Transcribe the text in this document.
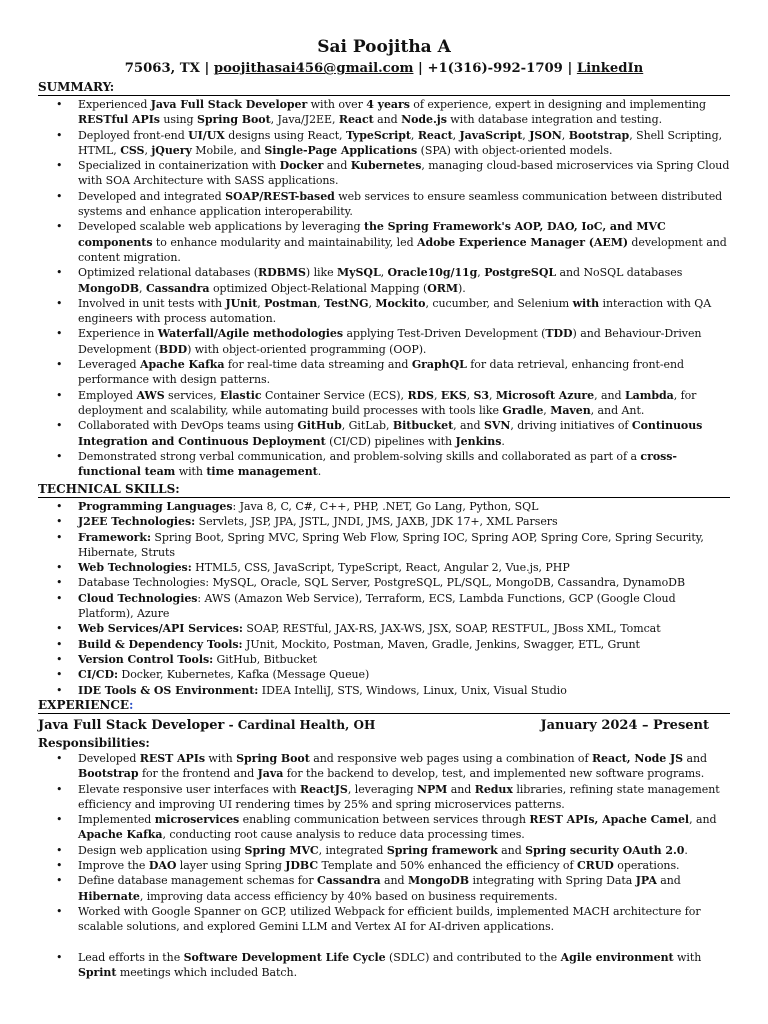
Sai Poojitha A
75063, TX | poojithasai456@gmail.com | +1(316)-992-1709 | LinkedIn
SUMMARY:
• Experienced Java Full Stack Developer with over 4 years of experience, expert in designing and implementing RESTful APIs using Spring Boot, Java/J2EE, React and Node.js with database integration and testing.
• Deployed front-end UI/UX designs using React, TypeScript, React, JavaScript, JSON, Bootstrap, Shell Scripting, HTML, CSS, jQuery Mobile, and Single-Page Applications (SPA) with object-oriented models.
• Specialized in containerization with Docker and Kubernetes, managing cloud-based microservices via Spring Cloud with SOA Architecture with SASS applications.
• Developed and integrated SOAP/REST-based web services to ensure seamless communication between distributed systems and enhance application interoperability.
• Developed scalable web applications by leveraging the Spring Framework's AOP, DAO, IoC, and MVC components to enhance modularity and maintainability, led Adobe Experience Manager (AEM) development and content migration.
• Optimized relational databases (RDBMS) like MySQL, Oracle10g/11g, PostgreSQL and NoSQL databases MongoDB, Cassandra optimized Object-Relational Mapping (ORM).
• Involved in unit tests with JUnit, Postman, TestNG, Mockito, cucumber, and Selenium with interaction with QA engineers with process automation.
• Experience in Waterfall/Agile methodologies applying Test-Driven Development (TDD) and Behaviour-Driven Development (BDD) with object-oriented programming (OOP).
• Leveraged Apache Kafka for real-time data streaming and GraphQL for data retrieval, enhancing front-end performance with design patterns.
• Employed AWS services, Elastic Container Service (ECS), RDS, EKS, S3, Microsoft Azure, and Lambda, for deployment and scalability, while automating build processes with tools like Gradle, Maven, and Ant.
• Collaborated with DevOps teams using GitHub, GitLab, Bitbucket, and SVN, driving initiatives of Continuous Integration and Continuous Deployment (CI/CD) pipelines with Jenkins.
• Demonstrated strong verbal communication, and problem-solving skills and collaborated as part of a cross-functional team with time management.
TECHNICAL SKILLS:
• Programming Languages: Java 8, C, C#, C++, PHP, .NET, Go Lang, Python, SQL
• J2EE Technologies: Servlets, JSP, JPA, JSTL, JNDI, JMS, JAXB, JDK 17+, XML Parsers
• Framework: Spring Boot, Spring MVC, Spring Web Flow, Spring IOC, Spring AOP, Spring Core, Spring Security, Hibernate, Struts
• Web Technologies: HTML5, CSS, JavaScript, TypeScript, React, Angular 2, Vue.js, PHP
• Database Technologies: MySQL, Oracle, SQL Server, PostgreSQL, PL/SQL, MongoDB, Cassandra, DynamoDB
• Cloud Technologies: AWS (Amazon Web Service), Terraform, ECS, Lambda Functions, GCP (Google Cloud Platform), Azure
• Web Services/API Services: SOAP, RESTful, JAX-RS, JAX-WS, JSX, SOAP, RESTFUL, JBoss XML, Tomcat
• Build & Dependency Tools: JUnit, Mockito, Postman, Maven, Gradle, Jenkins, Swagger, ETL, Grunt
• Version Control Tools: GitHub, Bitbucket
• CI/CD: Docker, Kubernetes, Kafka (Message Queue)
• IDE Tools & OS Environment: IDEA IntelliJ, STS, Windows, Linux, Unix, Visual Studio
EXPERIENCE:
Java Full Stack Developer - Cardinal Health, OH	January 2024 – Present
Responsibilities:
• Developed REST APIs with Spring Boot and responsive web pages using a combination of React, Node JS and Bootstrap for the frontend and Java for the backend to develop, test, and implemented new software programs.
• Elevate responsive user interfaces with ReactJS, leveraging NPM and Redux libraries, refining state management efficiency and improving UI rendering times by 25% and spring microservices patterns.
• Implemented microservices enabling communication between services through REST APIs, Apache Camel, and Apache Kafka, conducting root cause analysis to reduce data processing times.
• Design web application using Spring MVC, integrated Spring framework and Spring security OAuth 2.0.
• Improve the DAO layer using Spring JDBC Template and 50% enhanced the efficiency of CRUD operations.
• Define database management schemas for Cassandra and MongoDB integrating with Spring Data JPA and Hibernate, improving data access efficiency by 40% based on business requirements.
• Worked with Google Spanner on GCP, utilized Webpack for efficient builds, implemented MACH architecture for scalable solutions, and explored Gemini LLM and Vertex AI for AI-driven applications.
• Lead efforts in the Software Development Life Cycle (SDLC) and contributed to the Agile environment with Sprint meetings which included Batch.
